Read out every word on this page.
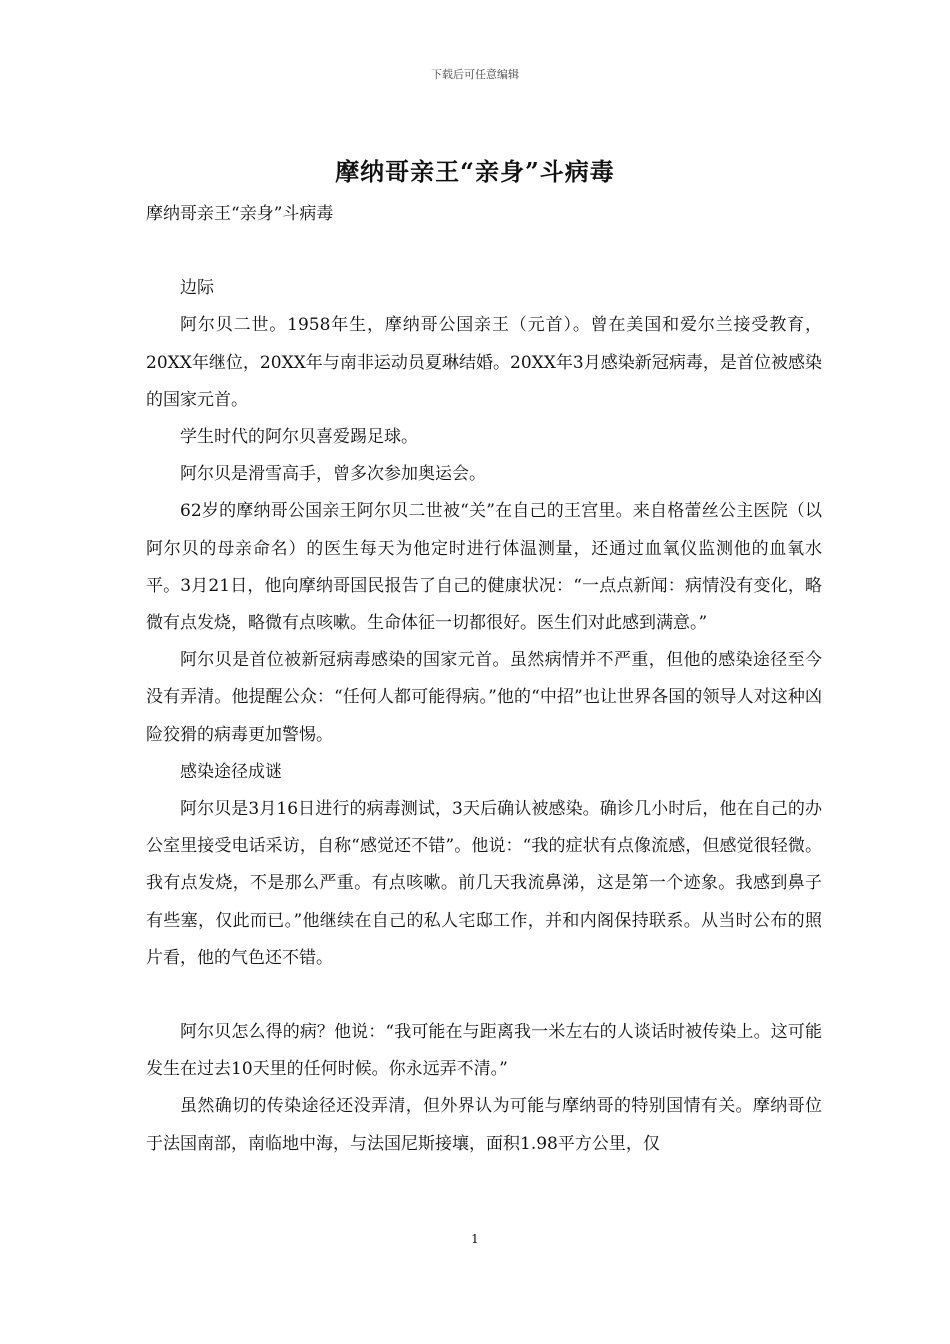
下载后可任意编辑
摩纳哥亲王“亲身”斗病毒

摩纳哥亲王“亲身”斗病毒

边际

阿尔贝二世。1958年生，摩纳哥公国亲王（元首）。曾在美国和爱尔兰接受教育，20XX年继位，20XX年与南非运动员夏琳结婚。20XX年3月感染新冠病毒，是首位被感染的国家元首。

学生时代的阿尔贝喜爱踢足球。

阿尔贝是滑雪高手，曾多次参加奥运会。

62岁的摩纳哥公国亲王阿尔贝二世被“关”在自己的王宫里。来自格蕾丝公主医院（以阿尔贝的母亲命名）的医生每天为他定时进行体温测量，还通过血氧仪监测他的血氧水平。3月21日，他向摩纳哥国民报告了自己的健康状况：“一点点新闻：病情没有变化，略微有点发烧，略微有点咳嗽。生命体征一切都很好。医生们对此感到满意。”

阿尔贝是首位被新冠病毒感染的国家元首。虽然病情并不严重，但他的感染途径至今没有弄清。他提醒公众：“任何人都可能得病。”他的“中招”也让世界各国的领导人对这种凶险狡猾的病毒更加警惕。

感染途径成谜

阿尔贝是3月16日进行的病毒测试，3天后确认被感染。确诊几小时后，他在自己的办公室里接受电话采访，自称“感觉还不错”。他说：“我的症状有点像流感，但感觉很轻微。我有点发烧，不是那么严重。有点咳嗽。前几天我流鼻涕，这是第一个迹象。我感到鼻子有些塞，仅此而已。”他继续在自己的私人宅邸工作，并和内阁保持联系。从当时公布的照片看，他的气色还不错。

阿尔贝怎么得的病？他说：“我可能在与距离我一米左右的人谈话时被传染上。这可能发生在过去10天里的任何时候。你永远弄不清。”

虽然确切的传染途径还没弄清，但外界认为可能与摩纳哥的特别国情有关。摩纳哥位于法国南部，南临地中海，与法国尼斯接壤，面积1.98平方公里，仅

1
